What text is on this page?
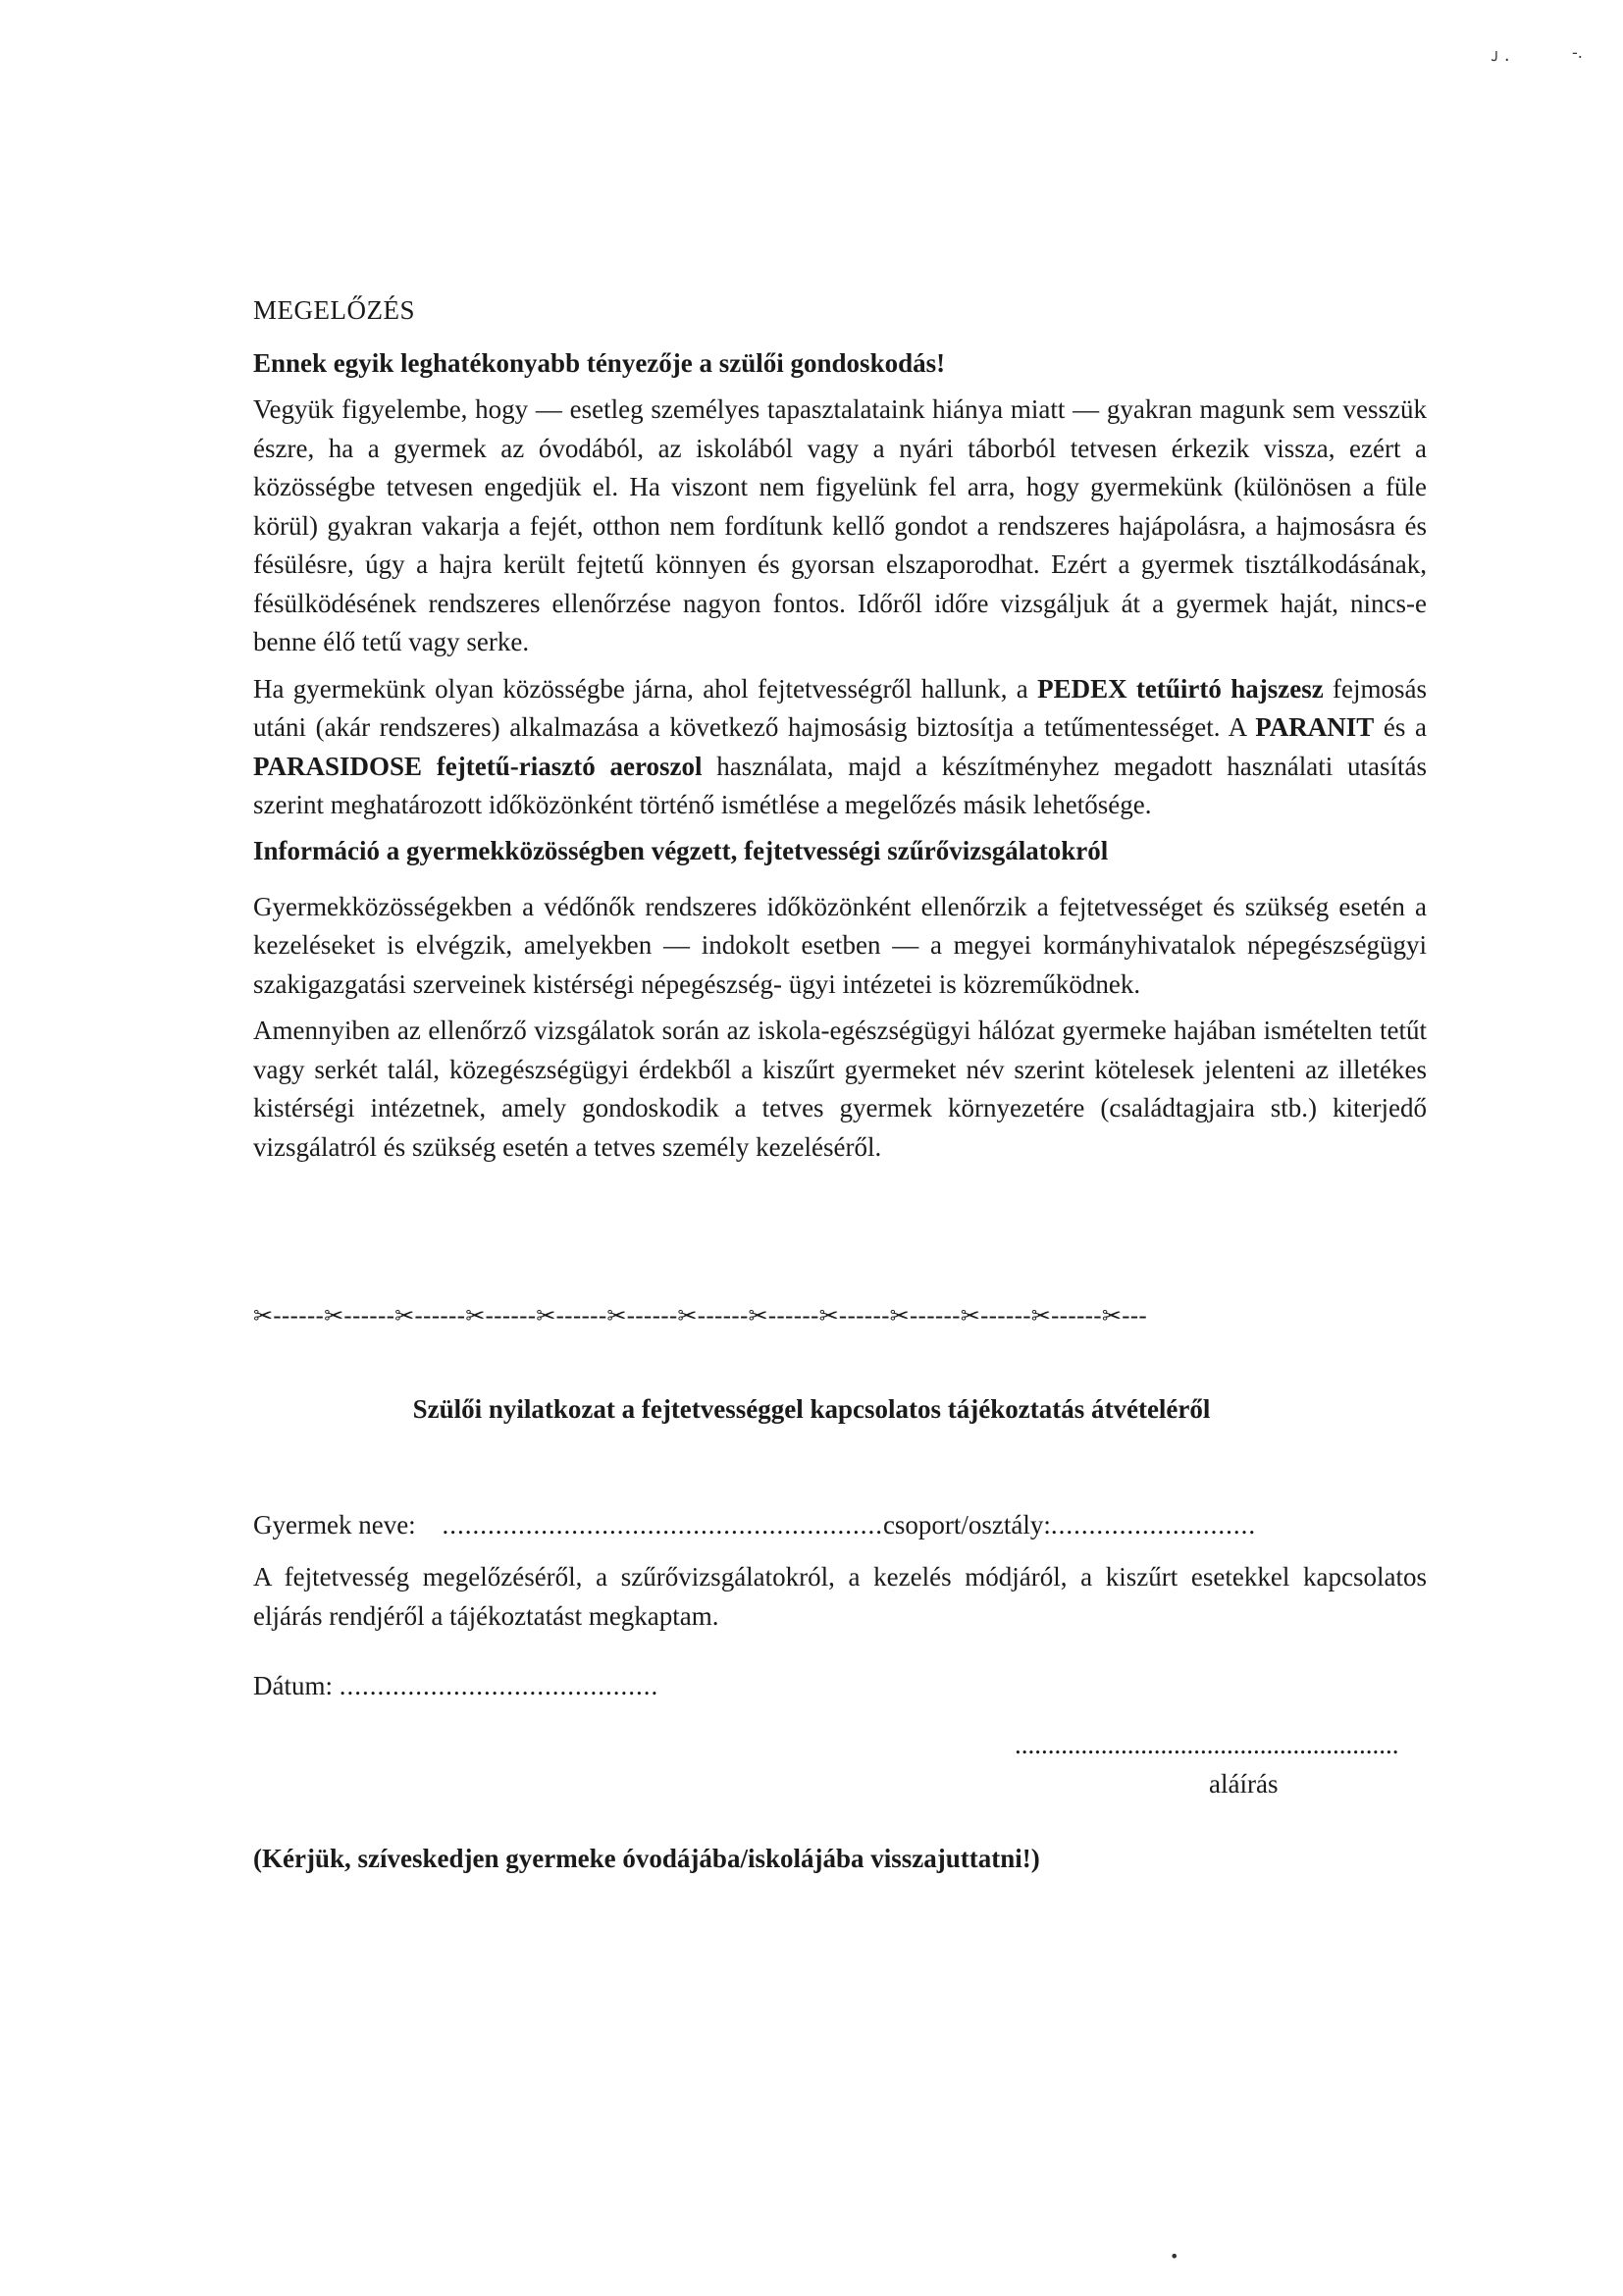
ᴊ .	-.
MEGELŐZÉS
Ennek egyik leghatékonyabb tényezője a szülői gondoskodás!

Vegyük figyelembe, hogy — esetleg személyes tapasztalataink hiánya miatt — gyakran magunk sem vesszük észre, ha a gyermek az óvodából, az iskolából vagy a nyári táborból tetvesen érkezik vissza, ezért a közösségbe tetvesen engedjük el. Ha viszont nem figyelünk fel arra, hogy gyermekünk (különösen a füle körül) gyakran vakarja a fejét, otthon nem fordítunk kellő gondot a rendszeres hajápolásra, a hajmosásra és fésülésre, úgy a hajra került fejtetű könnyen és gyorsan elszaporodhat. Ezért a gyermek tisztálkodásának, fésülködésének rendszeres ellenőrzése nagyon fontos. Időről időre vizsgáljuk át a gyermek haját, nincs-e benne élő tetű vagy serke.

Ha gyermekünk olyan közösségbe járna, ahol fejtetvességről hallunk, a PEDEX tetűirtó hajszesz fejmosás utáni (akár rendszeres) alkalmazása a következő hajmosásig biztosítja a tetűmentességet. A PARANIT és a PARASIDOSE fejtetű-riasztó aeroszol használata, majd a készítményhez megadott használati utasítás szerint meghatározott időközönként történő ismétlése a megelőzés másik lehetősége.

Információ a gyermekközösségben végzett, fejtetvességi szűrővizsgálatokról

Gyermekközösségekben a védőnők rendszeres időközönként ellenőrzik a fejtetvességet és szükség esetén a kezeléseket is elvégzik, amelyekben — indokolt esetben — a megyei kormányhivatalok népegészségügyi szakigazgatási szerveinek kistérségi népegészség- ügyi intézetei is közreműködnek.

Amennyiben az ellenőrző vizsgálatok során az iskola-egészségügyi hálózat gyermeke hajában ismételten tetűt vagy serkét talál, közegészségügyi érdekből a kiszűrt gyermeket név szerint kötelesek jelenteni az illetékes kistérségi intézetnek, amely gondoskodik a tetves gyermek környezetére (családtagjaira stb.) kiterjedő vizsgálatról és szükség esetén a tetves személy kezeléséről.

✂------✂------✂------✂------✂------✂------✂------✂------✂------✂------✂------✂------✂---
Szülői nyilatkozat a fejtetvességgel kapcsolatos tájékoztatás átvételéről
Gyermek neve: ..........................................................csoport/osztály:...........................
A fejtetvesség megelőzéséről, a szűrővizsgálatokról, a kezelés módjáról, a kiszűrt esetekkel kapcsolatos eljárás rendjéről a tájékoztatást megkaptam.
Dátum: ..........................................
..........................................................
aláírás
(Kérjük, szíveskedjen gyermeke óvodájába/iskolájába visszajuttatni!)
•
